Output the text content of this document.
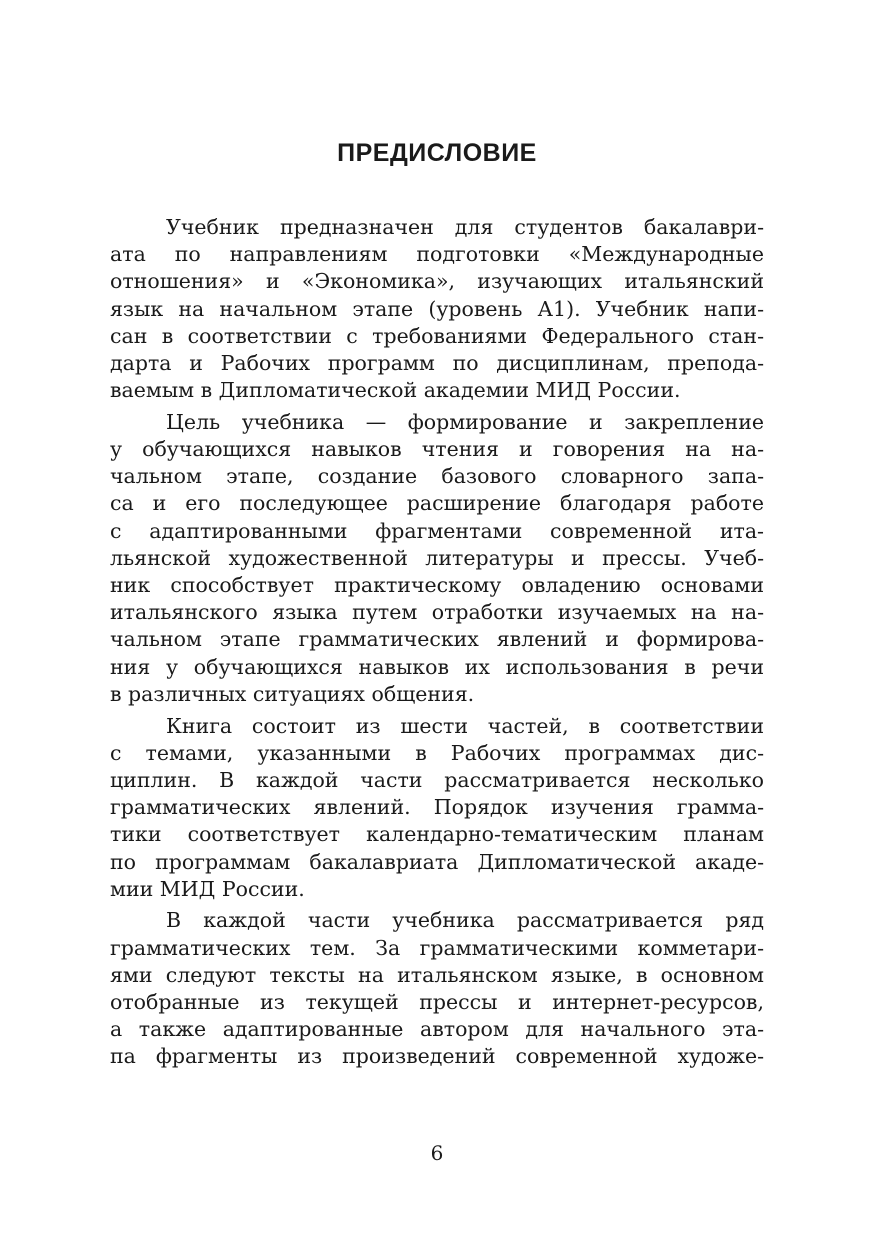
ПРЕДИСЛОВИЕ

Учебник предназначен для студентов бакалаври-
ата по направлениям подготовки «Международные
отношения» и «Экономика», изучающих итальянский
язык на начальном этапе (уровень А1). Учебник напи-
сан в соответствии с требованиями Федерального стан-
дарта и Рабочих программ по дисциплинам, препода-
ваемым в Дипломатической академии МИД России.

Цель учебника — формирование и закрепление
у обучающихся навыков чтения и говорения на на-
чальном этапе, создание базового словарного запа-
са и его последующее расширение благодаря работе
с адаптированными фрагментами современной ита-
льянской художественной литературы и прессы. Учеб-
ник способствует практическому овладению основами
итальянского языка путем отработки изучаемых на на-
чальном этапе грамматических явлений и формирова-
ния у обучающихся навыков их использования в речи
в различных ситуациях общения.

Книга состоит из шести частей, в соответствии
с темами, указанными в Рабочих программах дис-
циплин. В каждой части рассматривается несколько
грамматических явлений. Порядок изучения грамма-
тики соответствует календарно-тематическим планам
по программам бакалавриата Дипломатической акаде-
мии МИД России.

В каждой части учебника рассматривается ряд
грамматических тем. За грамматическими комметари-
ями следуют тексты на итальянском языке, в основном
отобранные из текущей прессы и интернет-ресурсов,
а также адаптированные автором для начального эта-
па фрагменты из произведений современной художе-

6
